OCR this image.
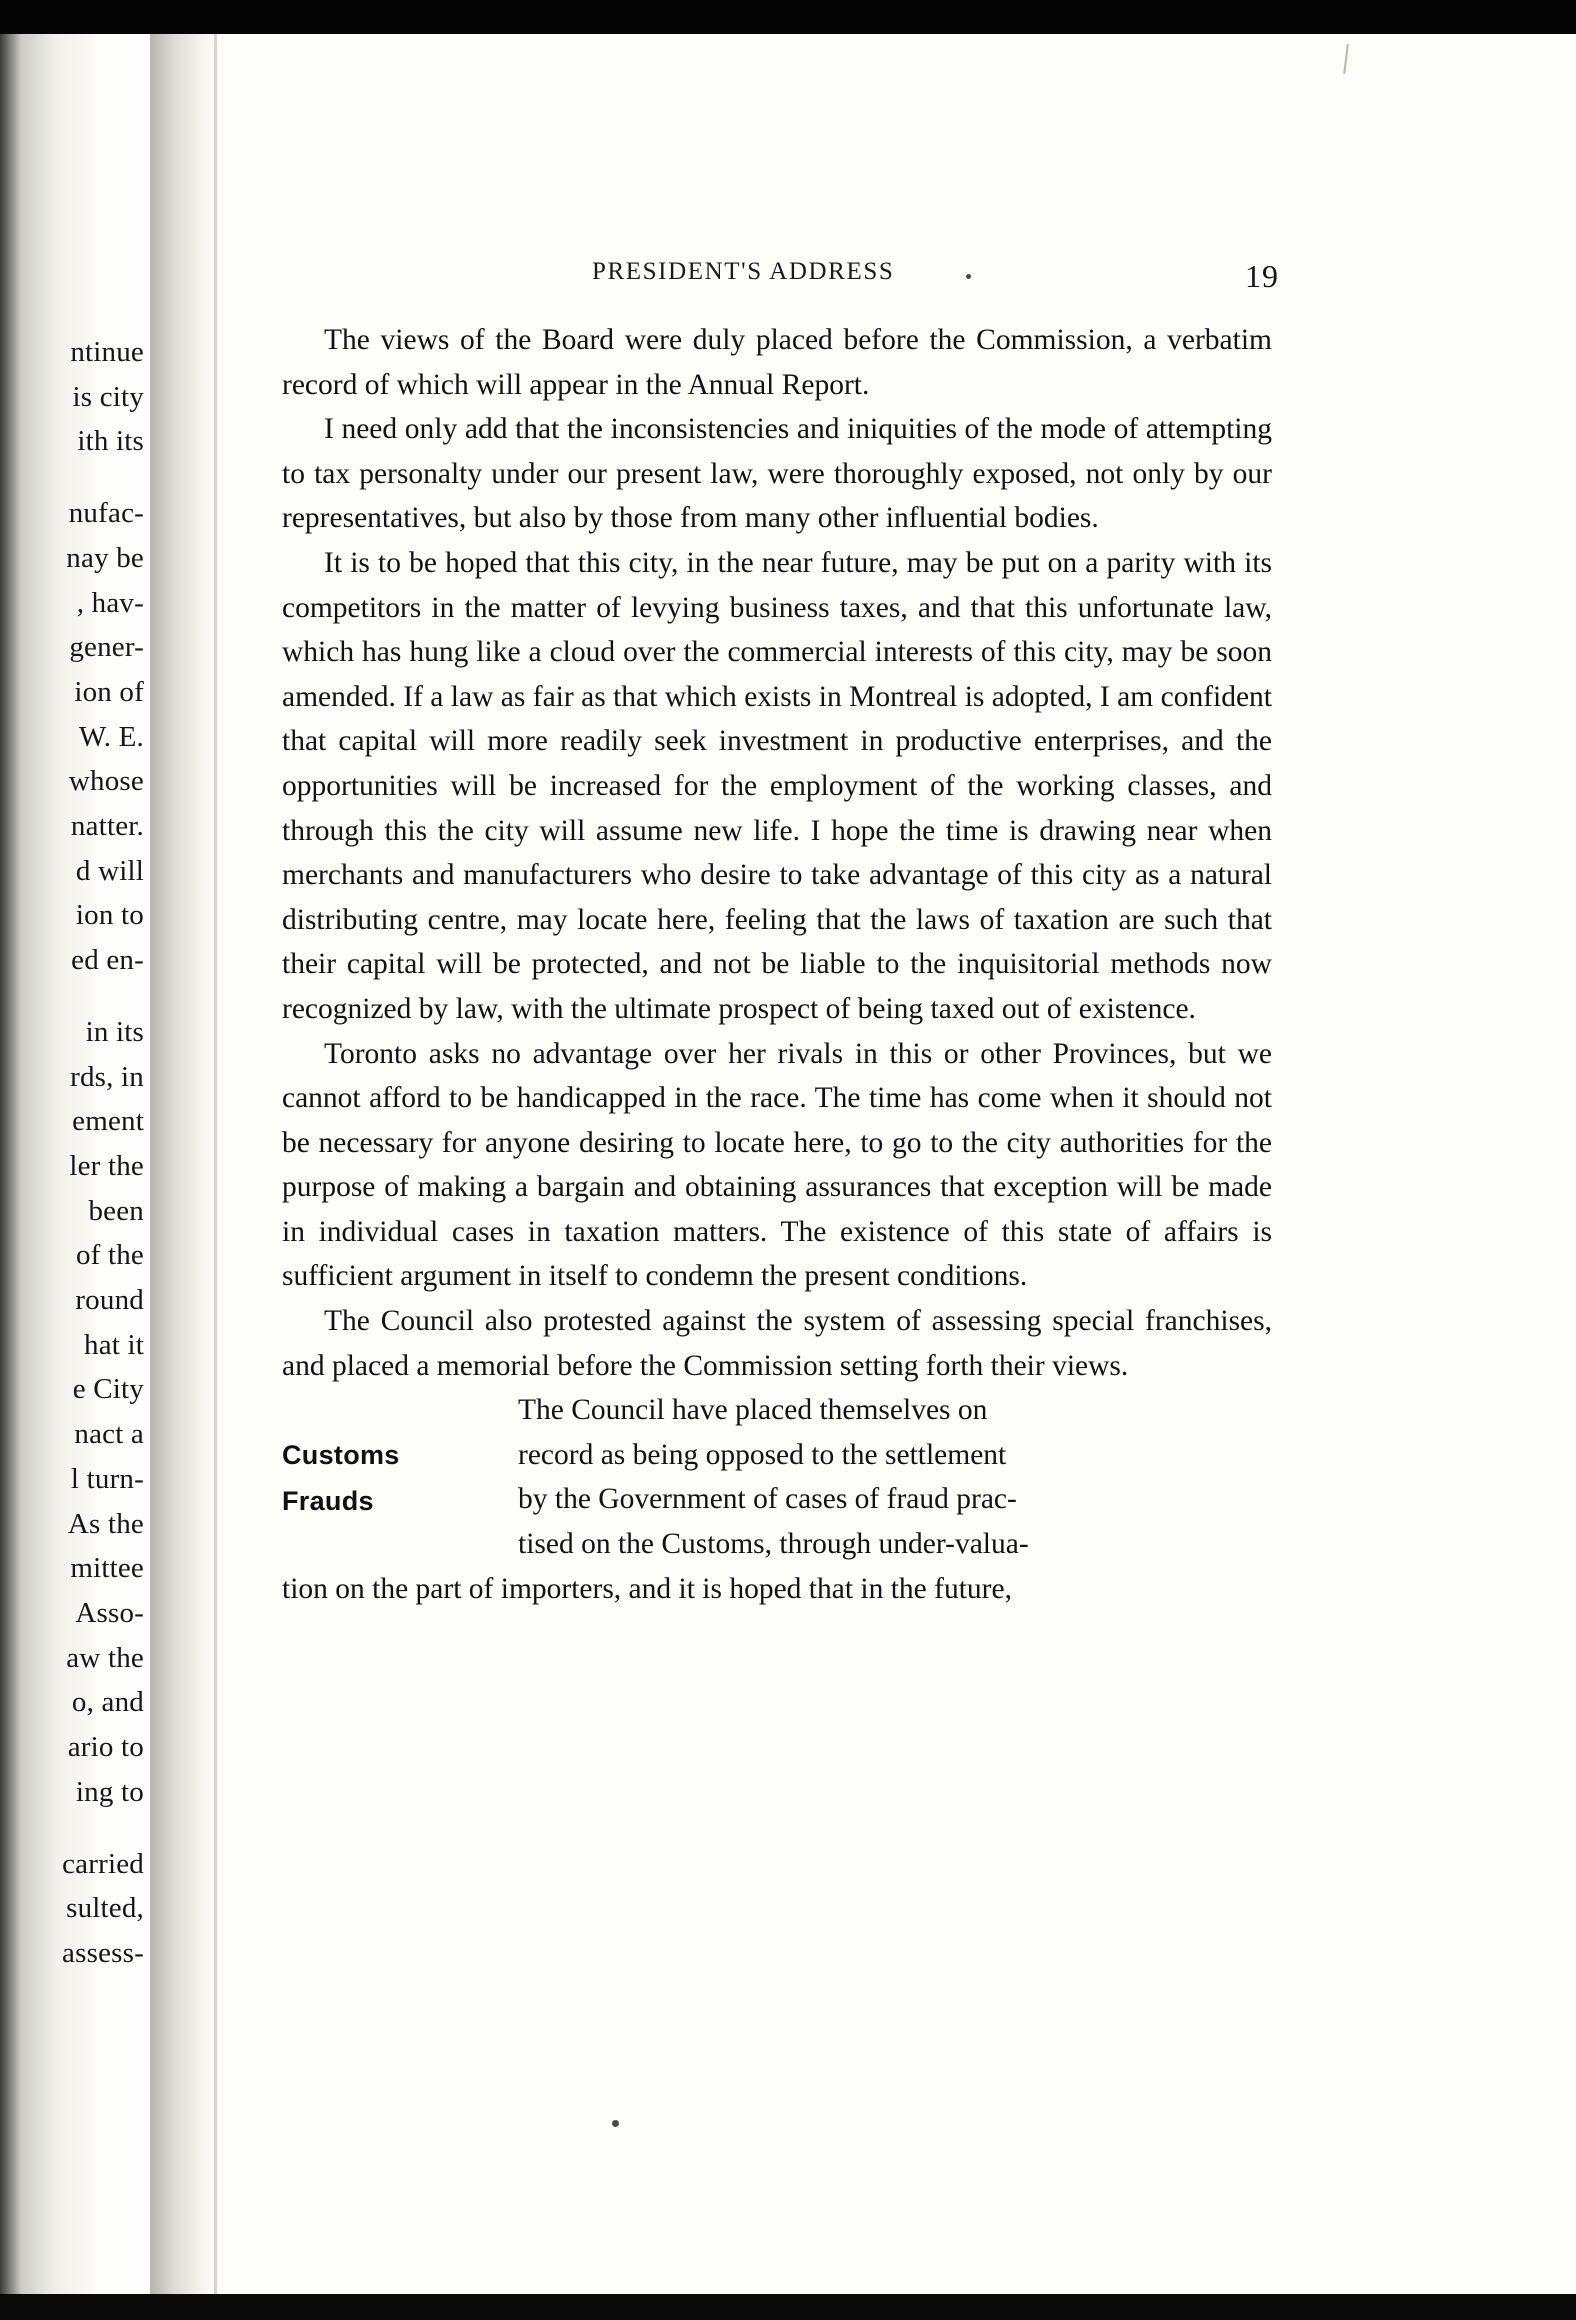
ntinue
is city
ith its
nufac-
nay be
, hav-
gener-
ion of
W. E.
whose
natter.
d will
ion to
ed en-
in its
rds, in
ement
ler the
been
of the
round
hat it
e City
nact a
l turn-
As the
mittee
Asso-
aw the
o, and
ario to
ing to
carried
sulted,
assess-
PRESIDENT'S ADDRESS	19

The views of the Board were duly placed before the Commission, a verbatim record of which will appear in the Annual Report.

I need only add that the inconsistencies and iniquities of the mode of attempting to tax personalty under our present law, were thoroughly exposed, not only by our representatives, but also by those from many other influential bodies.

It is to be hoped that this city, in the near future, may be put on a parity with its competitors in the matter of levying business taxes, and that this unfortunate law, which has hung like a cloud over the commercial interests of this city, may be soon amended. If a law as fair as that which exists in Montreal is adopted, I am confident that capital will more readily seek investment in productive enterprises, and the opportunities will be increased for the employment of the working classes, and through this the city will assume new life. I hope the time is drawing near when merchants and manufacturers who desire to take advantage of this city as a natural distributing centre, may locate here, feeling that the laws of taxation are such that their capital will be protected, and not be liable to the inquisitorial methods now recognized by law, with the ultimate prospect of being taxed out of existence.

Toronto asks no advantage over her rivals in this or other Provinces, but we cannot afford to be handicapped in the race. The time has come when it should not be necessary for anyone desiring to locate here, to go to the city authorities for the purpose of making a bargain and obtaining assurances that exception will be made in individual cases in taxation matters. The existence of this state of affairs is sufficient argument in itself to condemn the present conditions.

The Council also protested against the system of assessing special franchises, and placed a memorial before the Commission setting forth their views.

Customs
Frauds

The Council have placed themselves on
record as being opposed to the settlement
by the Government of cases of fraud prac-
tised on the Customs, through under-valua-
tion on the part of importers, and it is hoped that in the future,
